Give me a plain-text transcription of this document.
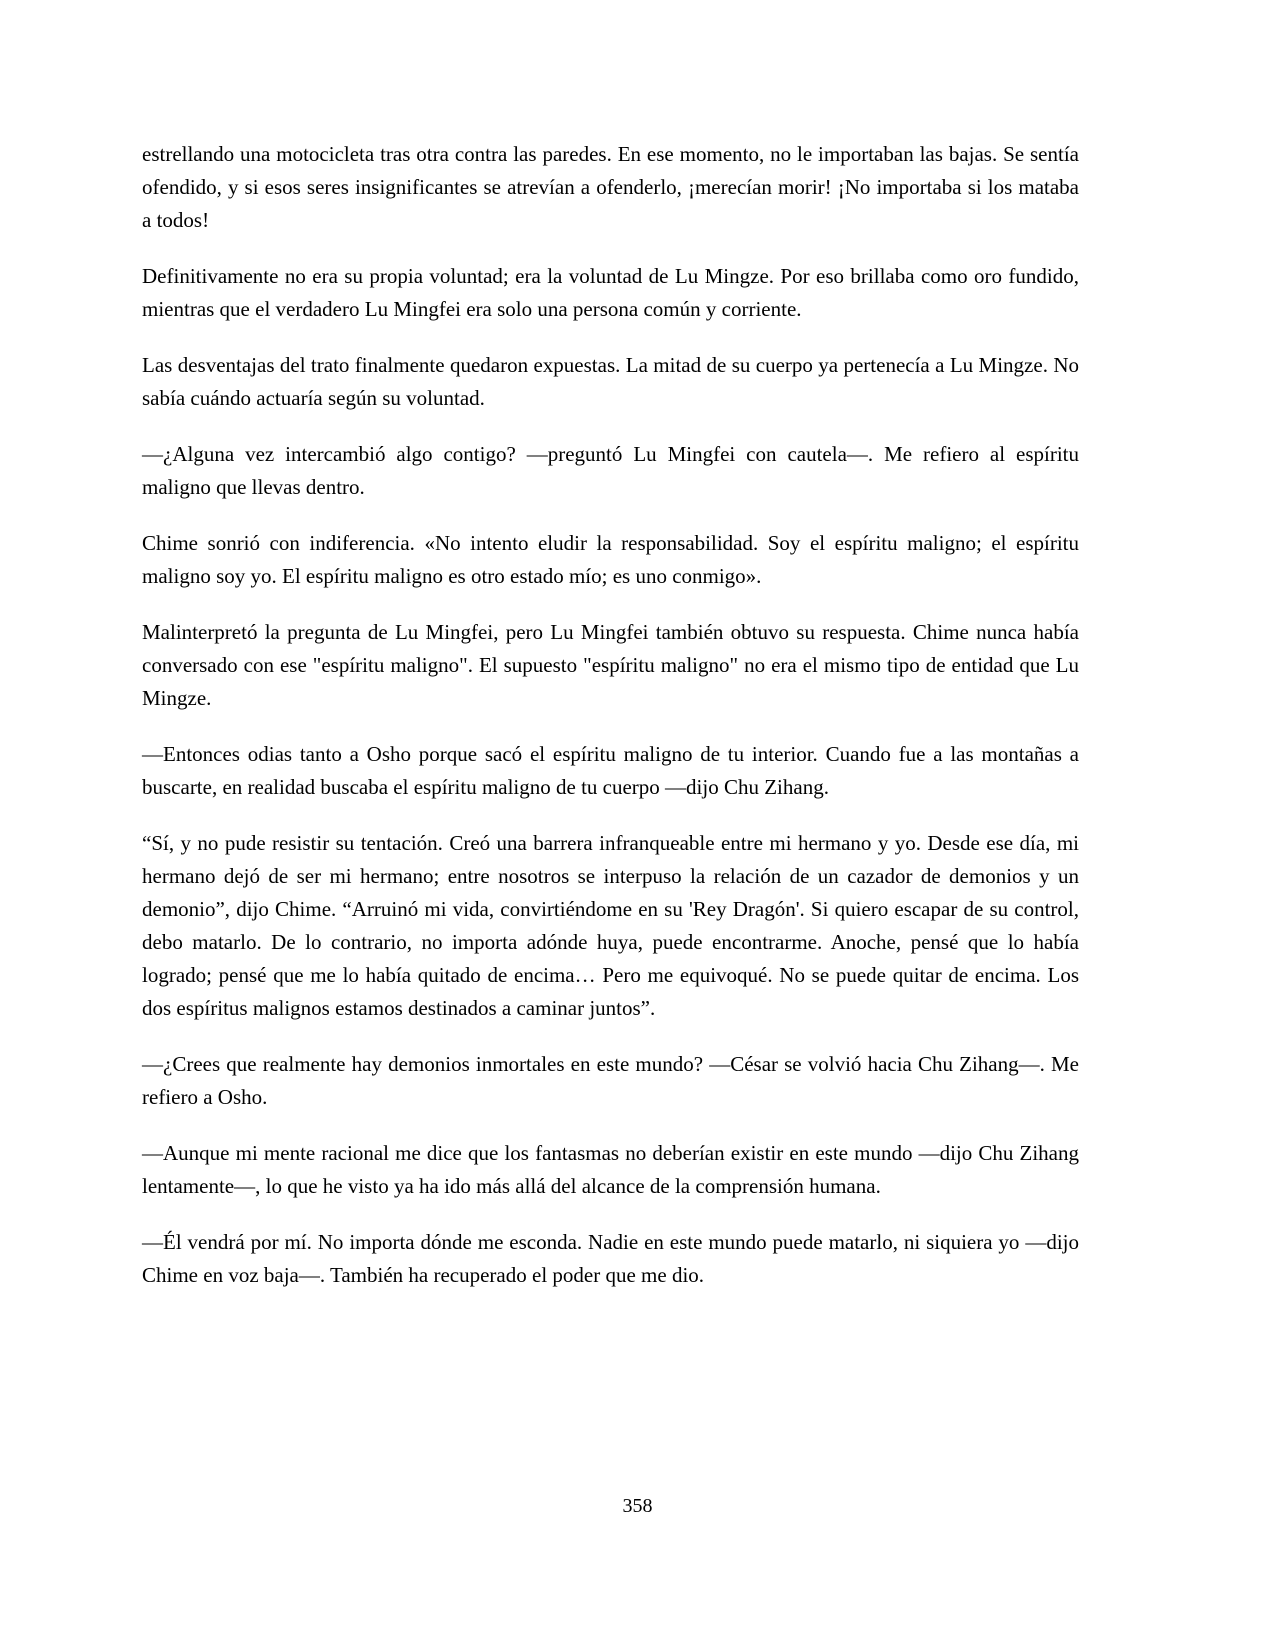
estrellando una motocicleta tras otra contra las paredes. En ese momento, no le importaban las bajas. Se sentía ofendido, y si esos seres insignificantes se atrevían a ofenderlo, ¡merecían morir! ¡No importaba si los mataba a todos!

Definitivamente no era su propia voluntad; era la voluntad de Lu Mingze. Por eso brillaba como oro fundido, mientras que el verdadero Lu Mingfei era solo una persona común y corriente.

Las desventajas del trato finalmente quedaron expuestas. La mitad de su cuerpo ya pertenecía a Lu Mingze. No sabía cuándo actuaría según su voluntad.

—¿Alguna vez intercambió algo contigo? —preguntó Lu Mingfei con cautela—. Me refiero al espíritu maligno que llevas dentro.

Chime sonrió con indiferencia. «No intento eludir la responsabilidad. Soy el espíritu maligno; el espíritu maligno soy yo. El espíritu maligno es otro estado mío; es uno conmigo».

Malinterpretó la pregunta de Lu Mingfei, pero Lu Mingfei también obtuvo su respuesta. Chime nunca había conversado con ese "espíritu maligno". El supuesto "espíritu maligno" no era el mismo tipo de entidad que Lu Mingze.

—Entonces odias tanto a Osho porque sacó el espíritu maligno de tu interior. Cuando fue a las montañas a buscarte, en realidad buscaba el espíritu maligno de tu cuerpo —dijo Chu Zihang.

“Sí, y no pude resistir su tentación. Creó una barrera infranqueable entre mi hermano y yo. Desde ese día, mi hermano dejó de ser mi hermano; entre nosotros se interpuso la relación de un cazador de demonios y un demonio”, dijo Chime. “Arruinó mi vida, convirtiéndome en su 'Rey Dragón'. Si quiero escapar de su control, debo matarlo. De lo contrario, no importa adónde huya, puede encontrarme. Anoche, pensé que lo había logrado; pensé que me lo había quitado de encima… Pero me equivoqué. No se puede quitar de encima. Los dos espíritus malignos estamos destinados a caminar juntos”.

—¿Crees que realmente hay demonios inmortales en este mundo? —César se volvió hacia Chu Zihang—. Me refiero a Osho.

—Aunque mi mente racional me dice que los fantasmas no deberían existir en este mundo —dijo Chu Zihang lentamente—, lo que he visto ya ha ido más allá del alcance de la comprensión humana.

—Él vendrá por mí. No importa dónde me esconda. Nadie en este mundo puede matarlo, ni siquiera yo —dijo Chime en voz baja—. También ha recuperado el poder que me dio.

358
